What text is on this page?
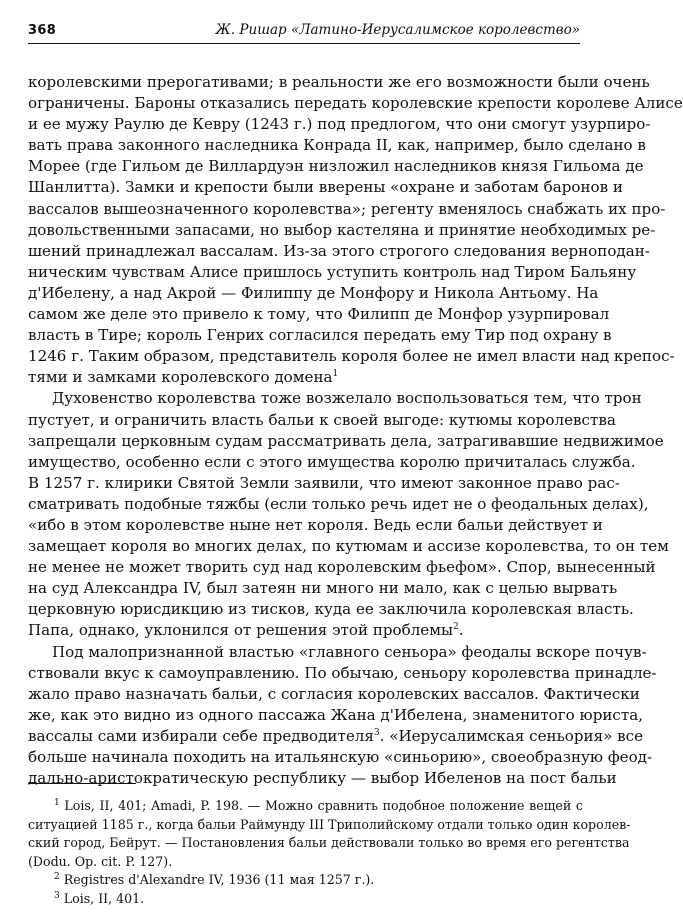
368	Ж. Ришар «Латино-Иерусалимское королевство»

королевскими прерогативами; в реальности же его возможности были очень
ограничены. Бароны отказались передать королевские крепости королеве Алисе
и ее мужу Раулю де Кевру (1243 г.) под предлогом, что они смогут узурпиро-
вать права законного наследника Конрада II, как, например, было сделано в
Морее (где Гильом де Виллардуэн низложил наследников князя Гильома де
Шанлитта). Замки и крепости были вверены «охране и заботам баронов и
вассалов вышеозначенного королевства»; регенту вменялось снабжать их про-
довольственными запасами, но выбор кастеляна и принятие необходимых ре-
шений принадлежал вассалам. Из-за этого строгого следования верноподан-
ническим чувствам Алисе пришлось уступить контроль над Тиром Бальяну
д'Ибелену, а над Акрой — Филиппу де Монфору и Никола Антьому. На
самом же деле это привело к тому, что Филипп де Монфор узурпировал
власть в Тире; король Генрих согласился передать ему Тир под охрану в
1246 г. Таким образом, представитель короля более не имел власти над крепос-
тями и замками королевского домена$^1$

Духовенство королевства тоже возжелало воспользоваться тем, что трон
пустует, и ограничить власть бальи к своей выгоде: кутюмы королевства
запрещали церковным судам рассматривать дела, затрагивавшие недвижимое
имущество, особенно если с этого имущества королю причиталась служба.
В 1257 г. клирики Святой Земли заявили, что имеют законное право рас-
сматривать подобные тяжбы (если только речь идет не о феодальных делах),
«ибо в этом королевстве ныне нет короля. Ведь если бальи действует и
замещает короля во многих делах, по кутюмам и ассизе королевства, то он тем
не менее не может творить суд над королевским фьефом». Спор, вынесенный
на суд Александра IV, был затеян ни много ни мало, как с целью вырвать
церковную юрисдикцию из тисков, куда ее заключила королевская власть.
Папа, однако, уклонился от решения этой проблемы$^2$.

Под малопризнанной властью «главного сеньора» феодалы вскоре почув-
ствовали вкус к самоуправлению. По обычаю, сеньору королевства принадле-
жало право назначать бальи, с согласия королевских вассалов. Фактически
же, как это видно из одного пассажа Жана д'Ибелена, знаменитого юриста,
вассалы сами избирали себе предводителя$^3$. «Иерусалимская сеньория» все
больше начинала походить на итальянскую «синьорию», своеобразную феод-
дально-аристократическую республику — выбор Ибеленов на пост бальи

$^1$ Lois, II, 401; Amadi, P. 198. — Можно сравнить подобное положение вещей с
ситуацией 1185 г., когда бальи Раймунду III Триполийскому отдали только один королев-
ский город, Бейрут. — Постановления бальи действовали только во время его регентства
(Dodu. Op. cit. P. 127).
$^2$ Registres d'Alexandre IV, 1936 (11 мая 1257 г.).
$^3$ Lois, II, 401.
